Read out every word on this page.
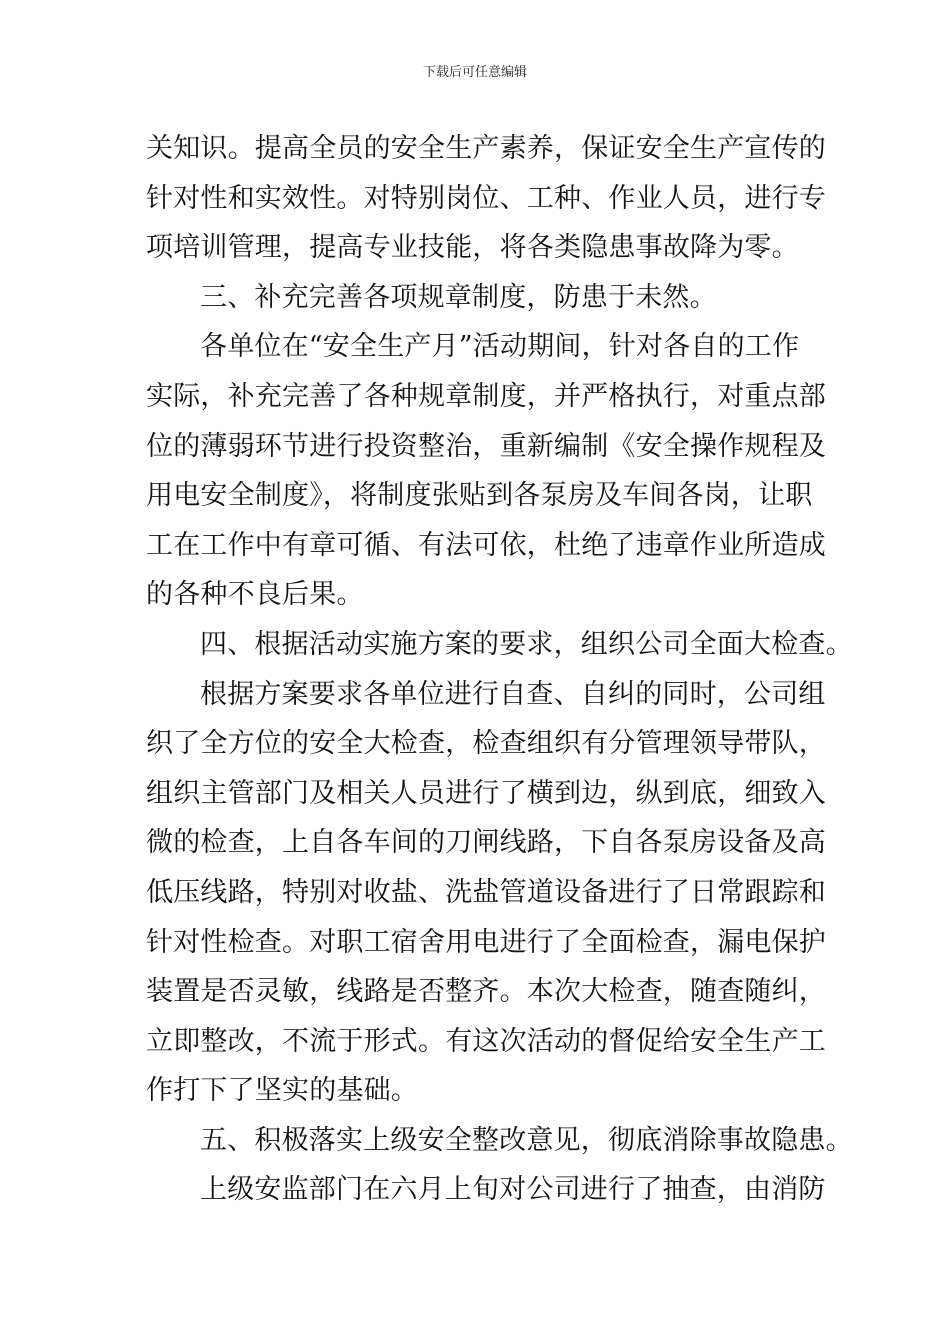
下载后可任意编辑
关知识。提高全员的安全生产素养，保证安全生产宣传的
针对性和实效性。对特别岗位、工种、作业人员，进行专
项培训管理，提高专业技能，将各类隐患事故降为零。
三、补充完善各项规章制度，防患于未然。
各单位在“安全生产月”活动期间，针对各自的工作
实际，补充完善了各种规章制度，并严格执行，对重点部
位的薄弱环节进行投资整治，重新编制《安全操作规程及
用电安全制度》，将制度张贴到各泵房及车间各岗，让职
工在工作中有章可循、有法可依，杜绝了违章作业所造成
的各种不良后果。
四、根据活动实施方案的要求，组织公司全面大检查。
根据方案要求各单位进行自查、自纠的同时，公司组
织了全方位的安全大检查，检查组织有分管理领导带队，
组织主管部门及相关人员进行了横到边，纵到底，细致入
微的检查，上自各车间的刀闸线路，下自各泵房设备及高
低压线路，特别对收盐、洗盐管道设备进行了日常跟踪和
针对性检查。对职工宿舍用电进行了全面检查，漏电保护
装置是否灵敏，线路是否整齐。本次大检查，随查随纠，
立即整改，不流于形式。有这次活动的督促给安全生产工
作打下了坚实的基础。
五、积极落实上级安全整改意见，彻底消除事故隐患。
上级安监部门在六月上旬对公司进行了抽查，由消防
